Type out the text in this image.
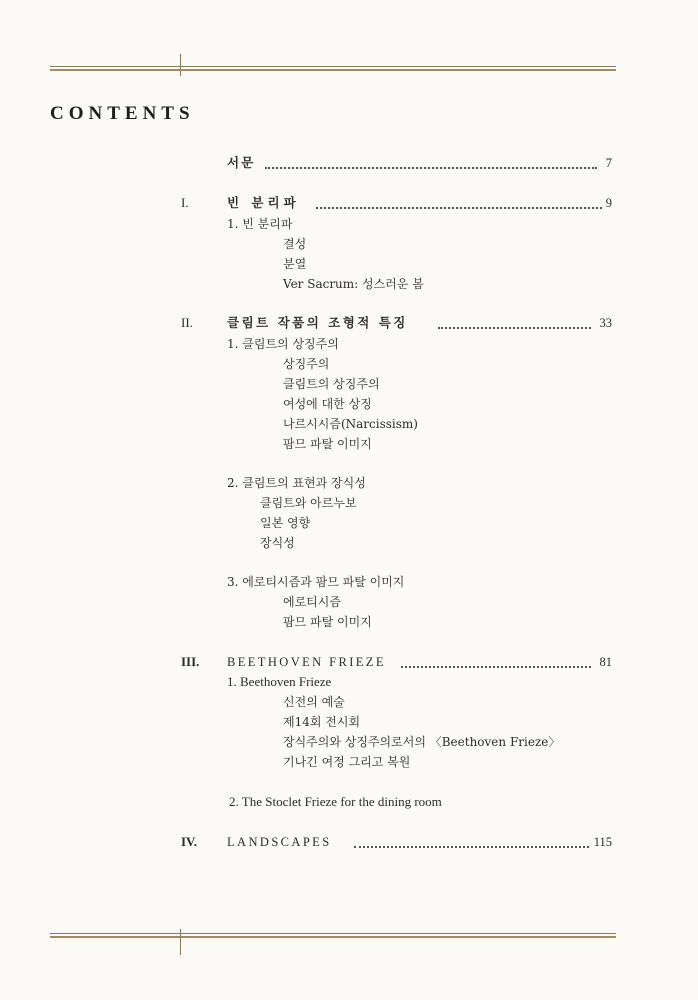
CONTENTS
서문	7
I.	빈 분리파	9
1. 빈 분리파
결성
분열
Ver Sacrum: 성스러운 봄
II.	클림트 작품의 조형적 특징	33
1. 클림트의 상징주의
상징주의
클림트의 상징주의
여성에 대한 상징
나르시시즘(Narcissism)
팜므 파탈 이미지
2. 클림트의 표현과 장식성
클림트와 아르누보
일본 영향
장식성
3. 에로티시즘과 팜므 파탈 이미지
에로티시즘
팜므 파탈 이미지
III. BEETHOVEN FRIEZE	81
1. Beethoven Frieze
신전의 예술
제14회 전시회
장식주의와 상징주의로서의 〈Beethoven Frieze〉
기나긴 여정 그리고 복원
2. The Stoclet Frieze for the dining room
IV. LANDSCAPES	115
